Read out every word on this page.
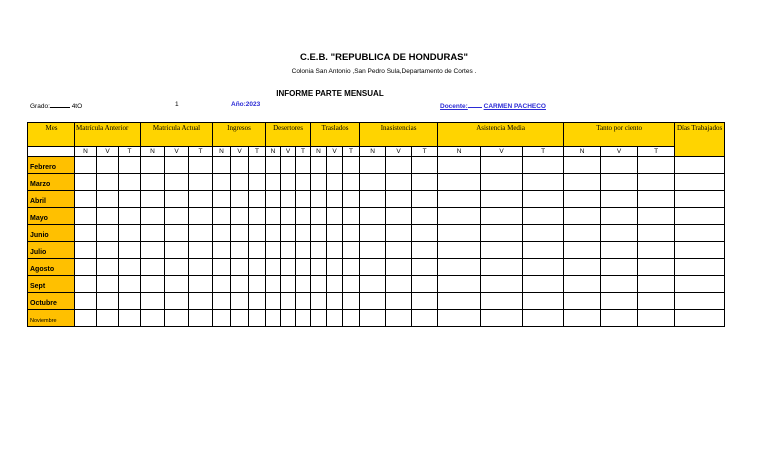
C.E.B. "REPUBLICA DE HONDURAS"
Colonia San Antonio ,San Pedro Sula,Departamento de Cortes .
INFORME PARTE MENSUAL
Grado:	4tO	1	Año:2023	Docente: CARMEN PACHECO
Mes	Matrícula Anterior			Matricula Actual			Ingresos			Desertores			Traslados			Inasistencias			Asistencia Media			Tanto por ciento			Días Trabajados
	N	V	T	N	V	T	N	V	T	N	V	T	N	V	T	N	V	T	N	V	T	N	V	T	
Febrero																									
Marzo																									
Abril																									
Mayo																									
Junio																									
Julio																									
Agosto																									
Sept																									
Octubre																									
Noviembre																									
